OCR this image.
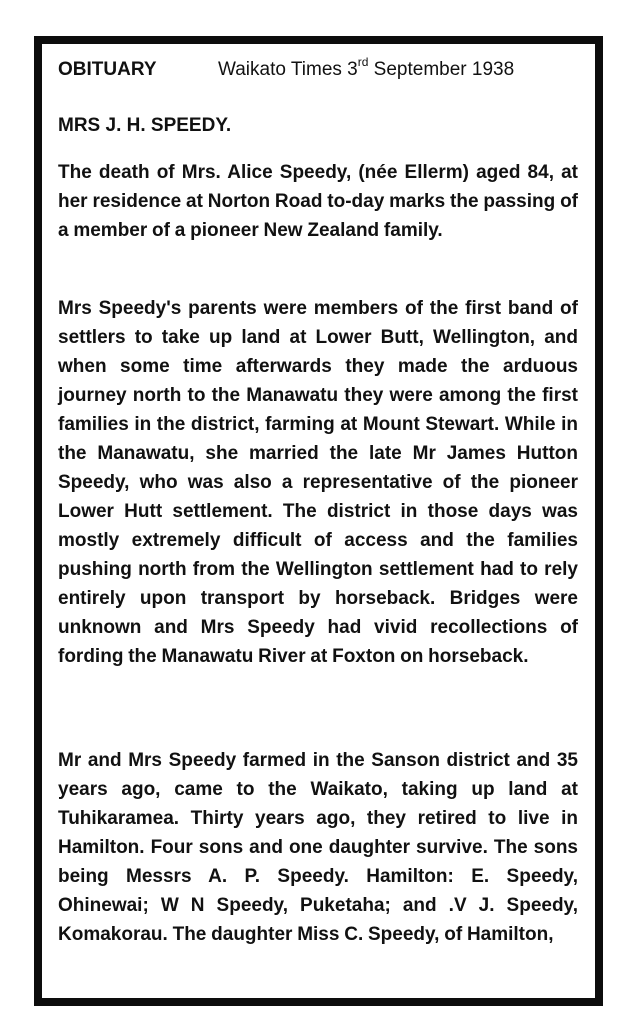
OBITUARY	Waikato Times 3rd September 1938
MRS J. H. SPEEDY.

The death of Mrs. Alice Speedy, (née Ellerm) aged 84, at her residence at Norton Road to-day marks the passing of a member of a pioneer New Zealand family.

Mrs Speedy's parents were members of the first band of settlers to take up land at Lower Butt, Wellington, and when some time afterwards they made the arduous journey north to the Manawatu they were among the first families in the district, farming at Mount Stewart. While in the Manawatu, she married the late Mr James Hutton Speedy, who was also a representative of the pioneer Lower Hutt settlement. The district in those days was mostly extremely difficult of access and the families pushing north from the Wellington settlement had to rely entirely upon transport by horseback. Bridges were unknown and Mrs Speedy had vivid recollections of fording the Manawatu River at Foxton on horseback.

Mr and Mrs Speedy farmed in the Sanson district and 35 years ago, came to the Waikato, taking up land at Tuhikaramea. Thirty years ago, they retired to live in Hamilton. Four sons and one daughter survive. The sons being Messrs A. P. Speedy. Hamilton: E. Speedy, Ohinewai; W N Speedy, Puketaha; and .V J. Speedy, Komakorau. The daughter Miss C. Speedy, of Hamilton,
